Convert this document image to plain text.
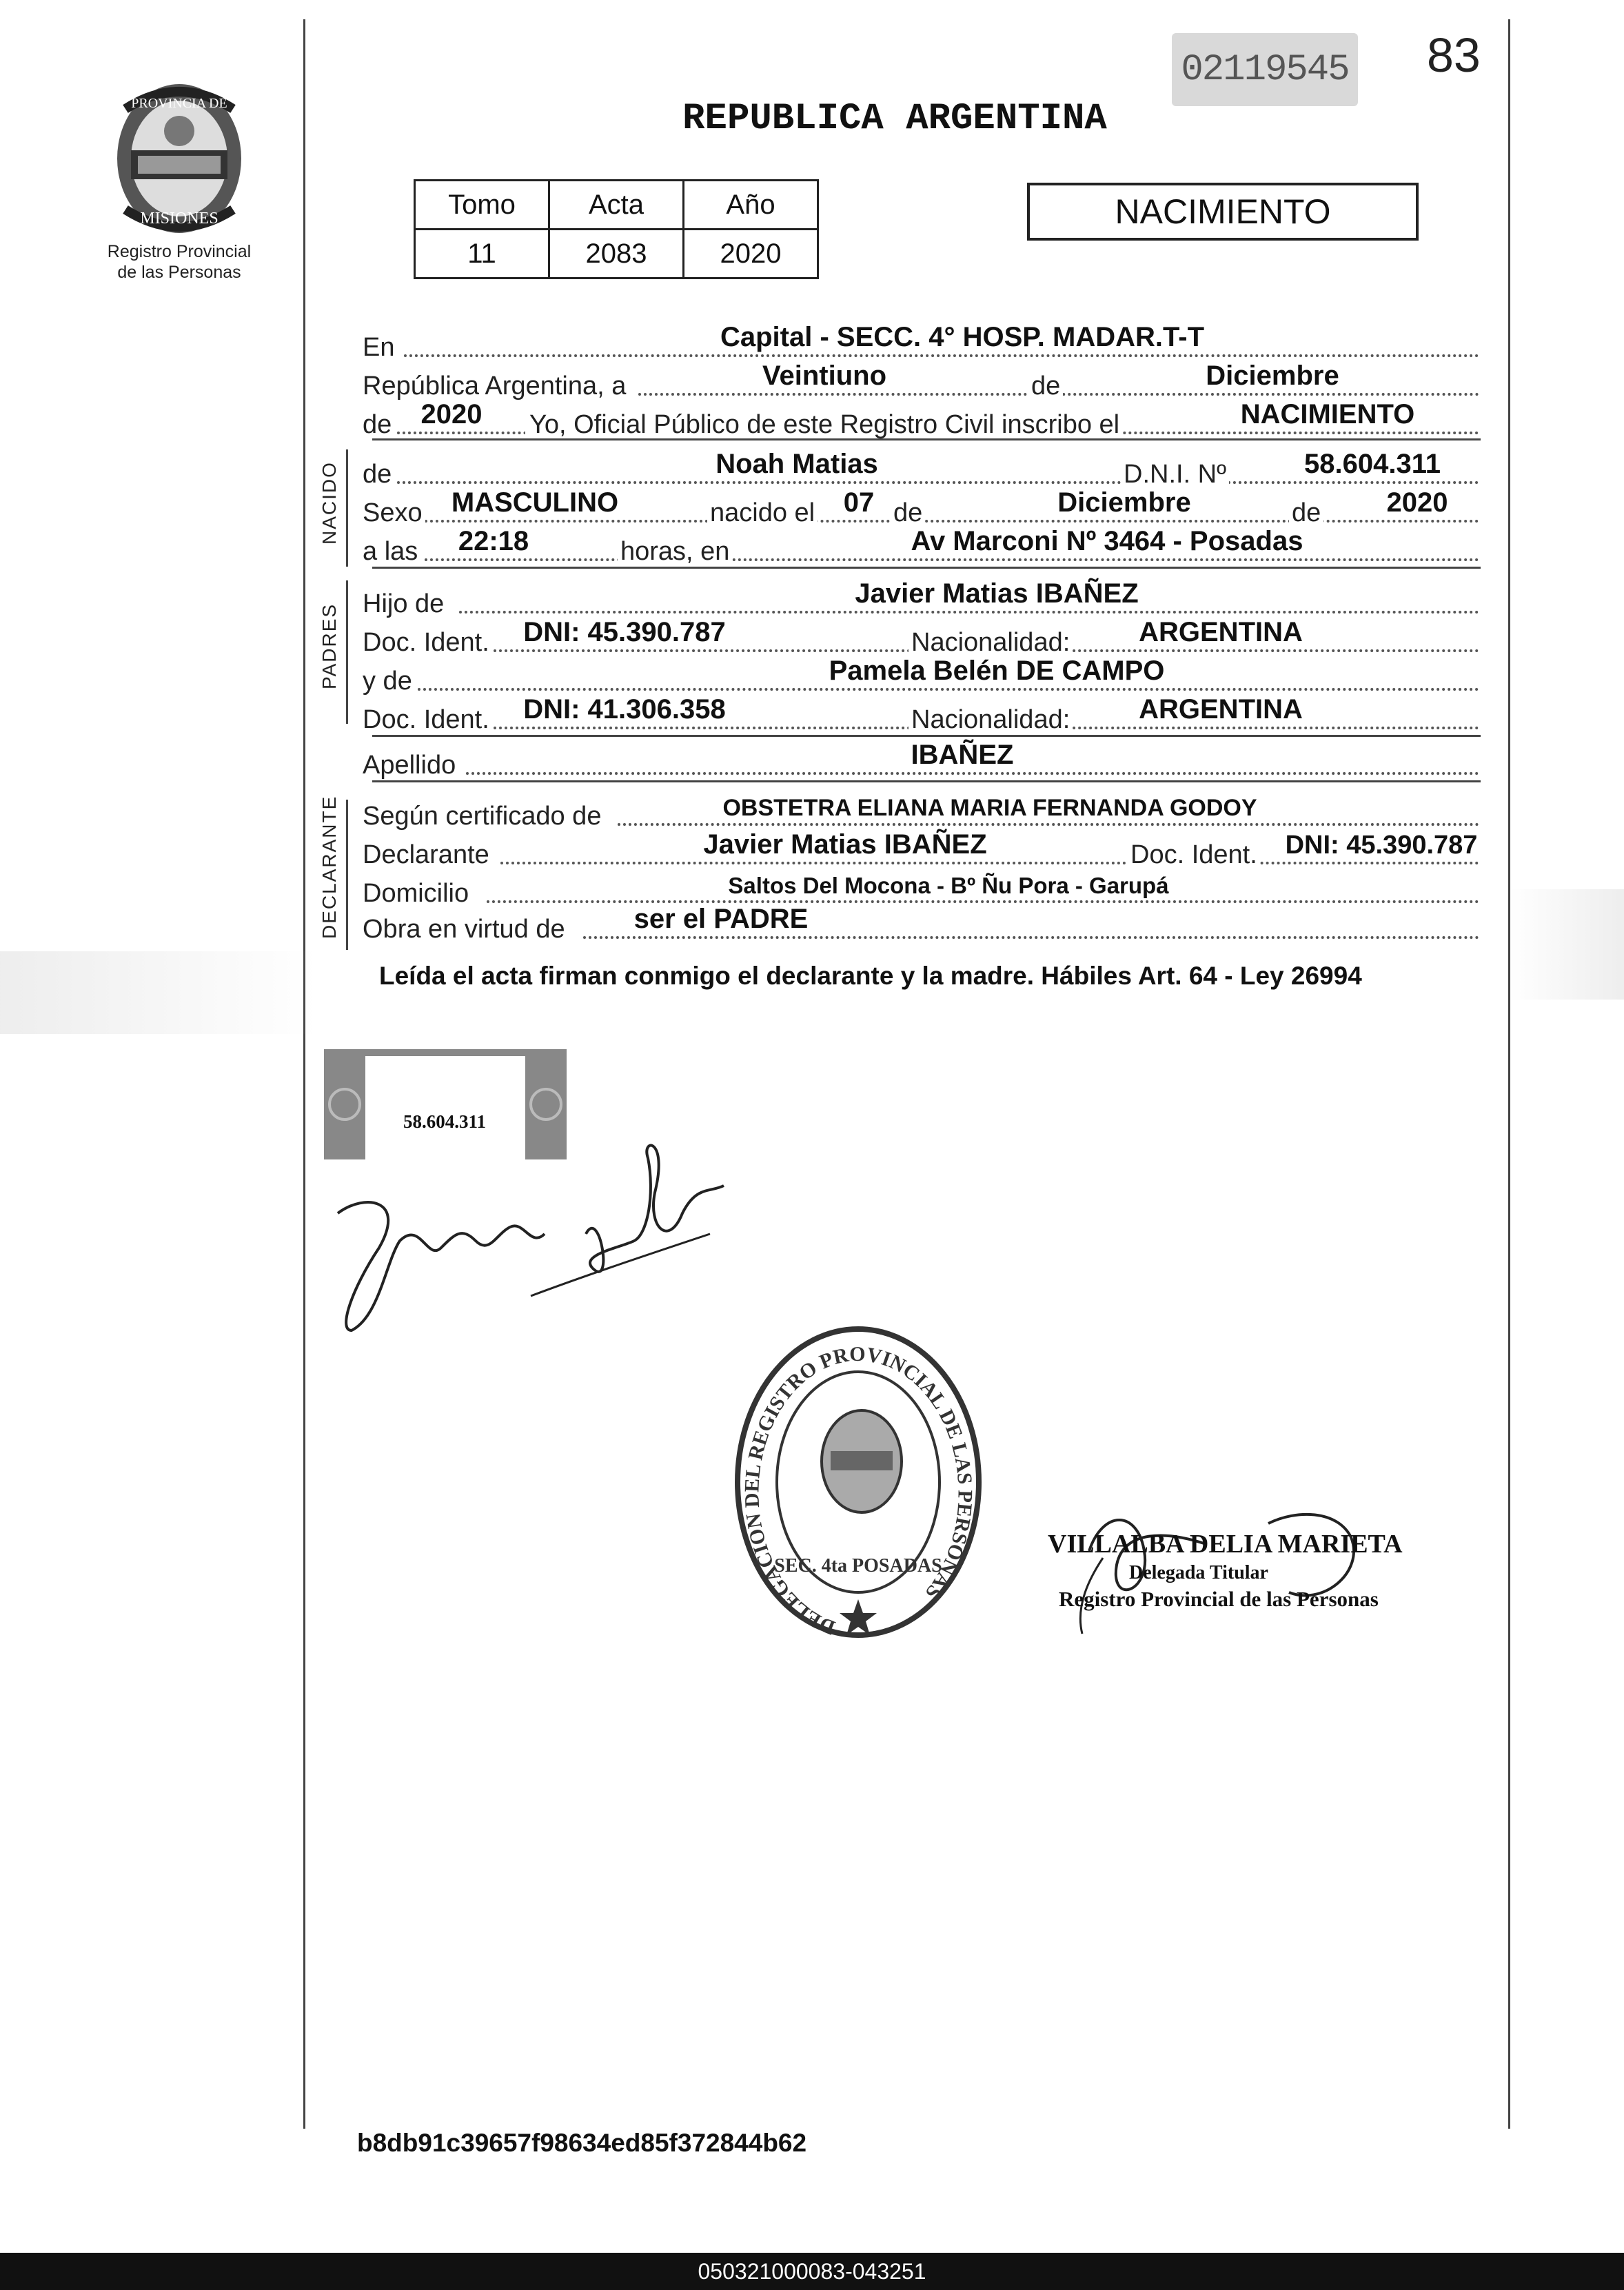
PROVINCIA DE
MISIONES
Registro Provincial
de las Personas
02119545 83
REPUBLICA ARGENTINA
Tomo	Acta	Año
11	2083	2020
NACIMIENTO
En	Capital - SECC. 4° HOSP. MADAR.T-T
República Argentina, a	Veintiuno	de	Diciembre
de	2020	Yo, Oficial Público de este Registro Civil inscribo el	NACIMIENTO
NACIDO de	Noah Matias	D.N.I. Nº	58.604.311
Sexo	MASCULINO	nacido el	07 de	Diciembre	de	2020
a las	22:18	horas, en	Av Marconi Nº 3464 - Posadas
PADRES Hijo de	Javier Matias IBAÑEZ
Doc. Ident.	DNI: 45.390.787	Nacionalidad:	ARGENTINA
y de	Pamela Belén DE CAMPO
Doc. Ident.	DNI: 41.306.358	Nacionalidad:	ARGENTINA
Apellido	IBAÑEZ
DECLARANTE Según certificado de	OBSTETRA ELIANA MARIA FERNANDA GODOY
Declarante	Javier Matias IBAÑEZ	Doc. Ident. DNI: 45.390.787
Domicilio	Saltos Del Mocona - Bº Ñu Pora - Garupá
Obra en virtud de	ser el PADRE
Leída el acta firman conmigo el declarante y la madre. Hábiles Art. 64 - Ley 26994
58.604.311
DELEGACION DEL REGISTRO PROVINCIAL DE LAS PERSONAS
SEC. 4ta POSADAS
VILLALBA DELIA MARIETA
Delegada Titular
Registro Provincial de las Personas
b8db91c39657f98634ed85f372844b62
050321000083-043251
